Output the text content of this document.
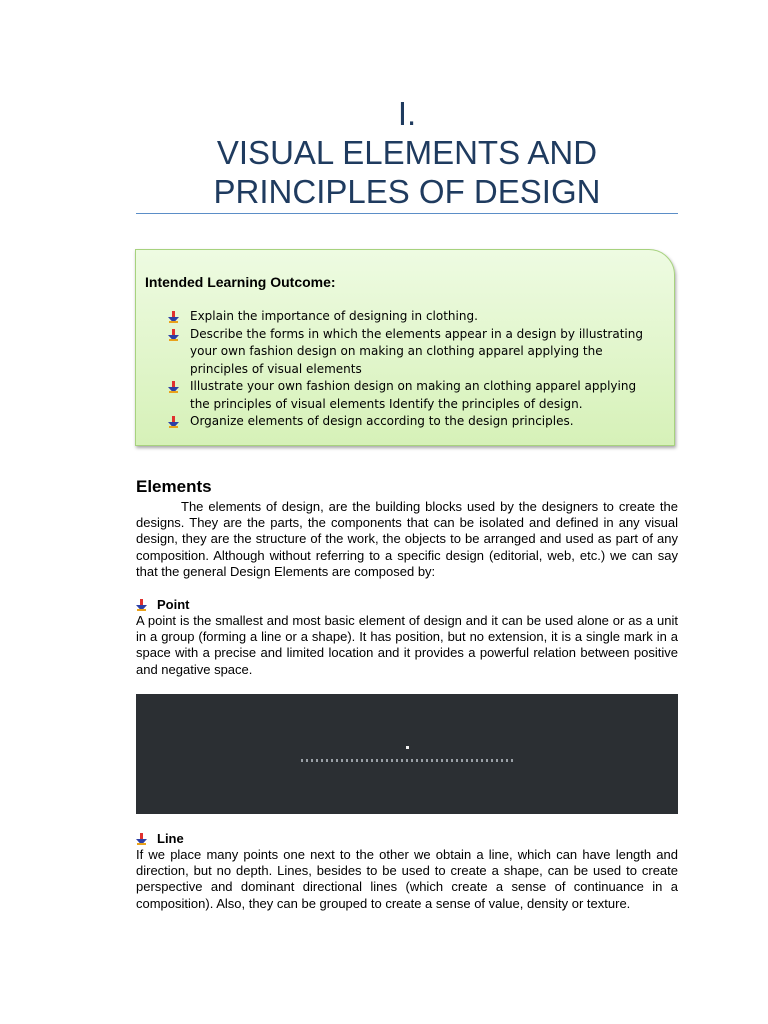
I.
VISUAL ELEMENTS AND
PRINCIPLES OF DESIGN
Intended Learning Outcome:
Explain the importance of designing in clothing.
Describe the forms in which the elements appear in a design by illustrating your own fashion design on making an clothing apparel applying the principles of visual elements
Illustrate your own fashion design on making an clothing apparel applying the principles of visual elements Identify the principles of design.
Organize elements of design according to the design principles.
Elements
The elements of design, are the building blocks used by the designers to create the designs. They are the parts, the components that can be isolated and defined in any visual design, they are the structure of the work, the objects to be arranged and used as part of any composition. Although without referring to a specific design (editorial, web, etc.) we can say that the general Design Elements are composed by:
Point
A point is the smallest and most basic element of design and it can be used alone or as a unit in a group (forming a line or a shape). It has position, but no extension, it is a single mark in a space with a precise and limited location and it provides a powerful relation between positive and negative space.
Line
If we place many points one next to the other we obtain a line, which can have length and direction, but no depth. Lines, besides to be used to create a shape, can be used to create perspective and dominant directional lines (which create a sense of continuance in a composition). Also, they can be grouped to create a sense of value, density or texture.
